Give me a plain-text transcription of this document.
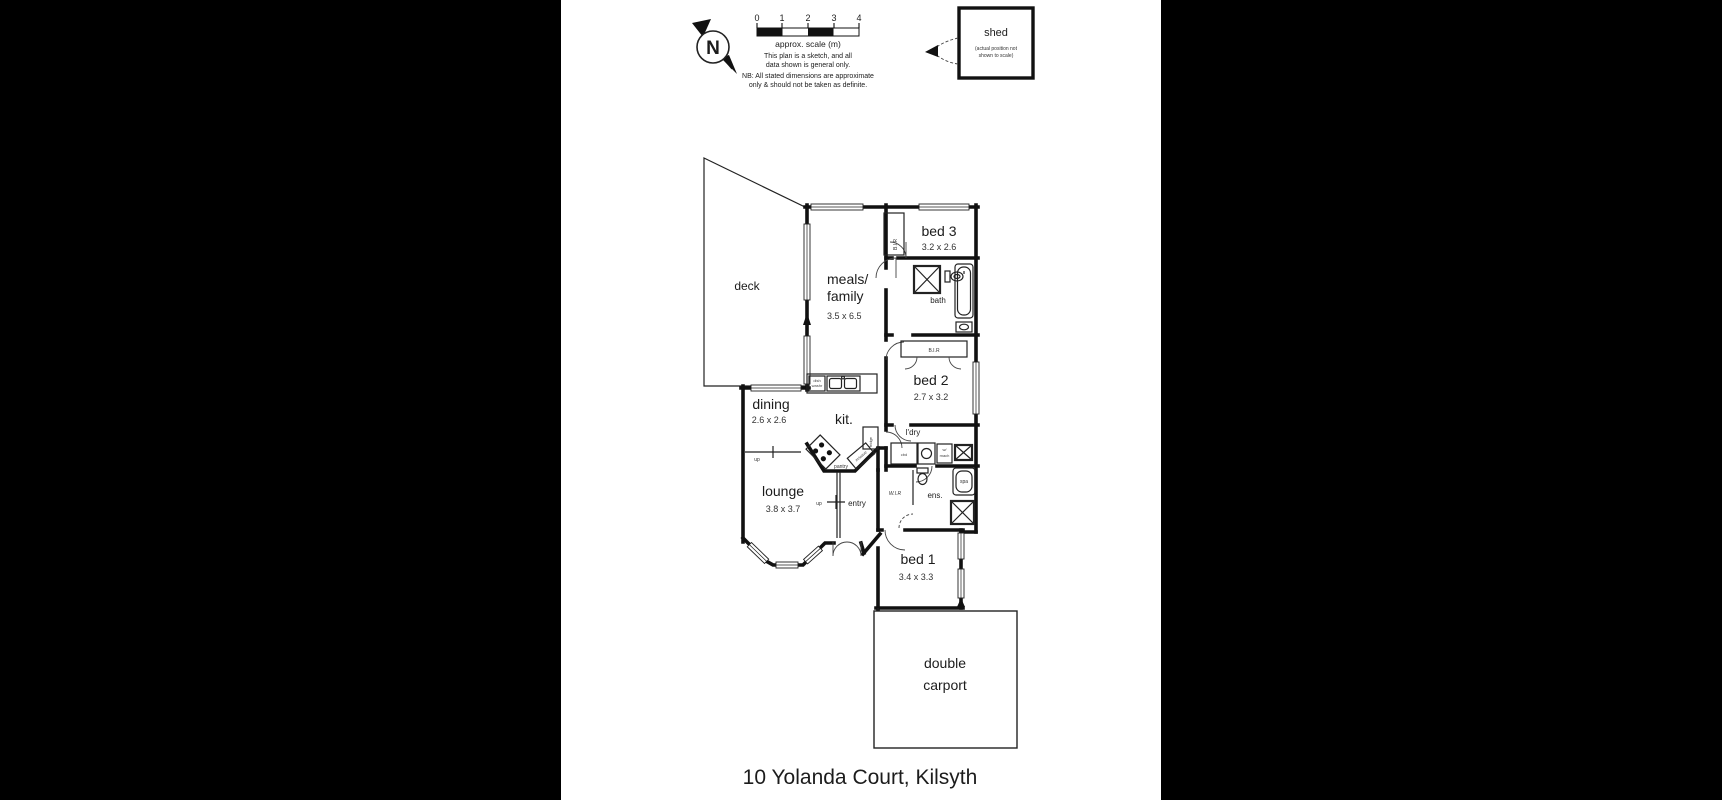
N
0 1 2 3 4
approx. scale (m)
This plan is a sketch, and all
data shown is general only.
NB: All stated dimensions are approximate
only & should not be taken as definite.
shed
(actual position not
shown to scale)
deck	meals/
family
3.5 x 6.5
bed 3
3.2 x 2.6
bath
bed 2
2.7 x 3.2
dining
2.6 x 2.6	kit.
l'dry
lounge
3.8 x 3.7
entry
W.I.R	ens.
bed 1
3.4 x 3.3
B.I.R
B.I.R
dish
washr
fridge
m/wave
pantry
cbd
w/
mach
spa
up
up
double
carport
10 Yolanda Court, Kilsyth
